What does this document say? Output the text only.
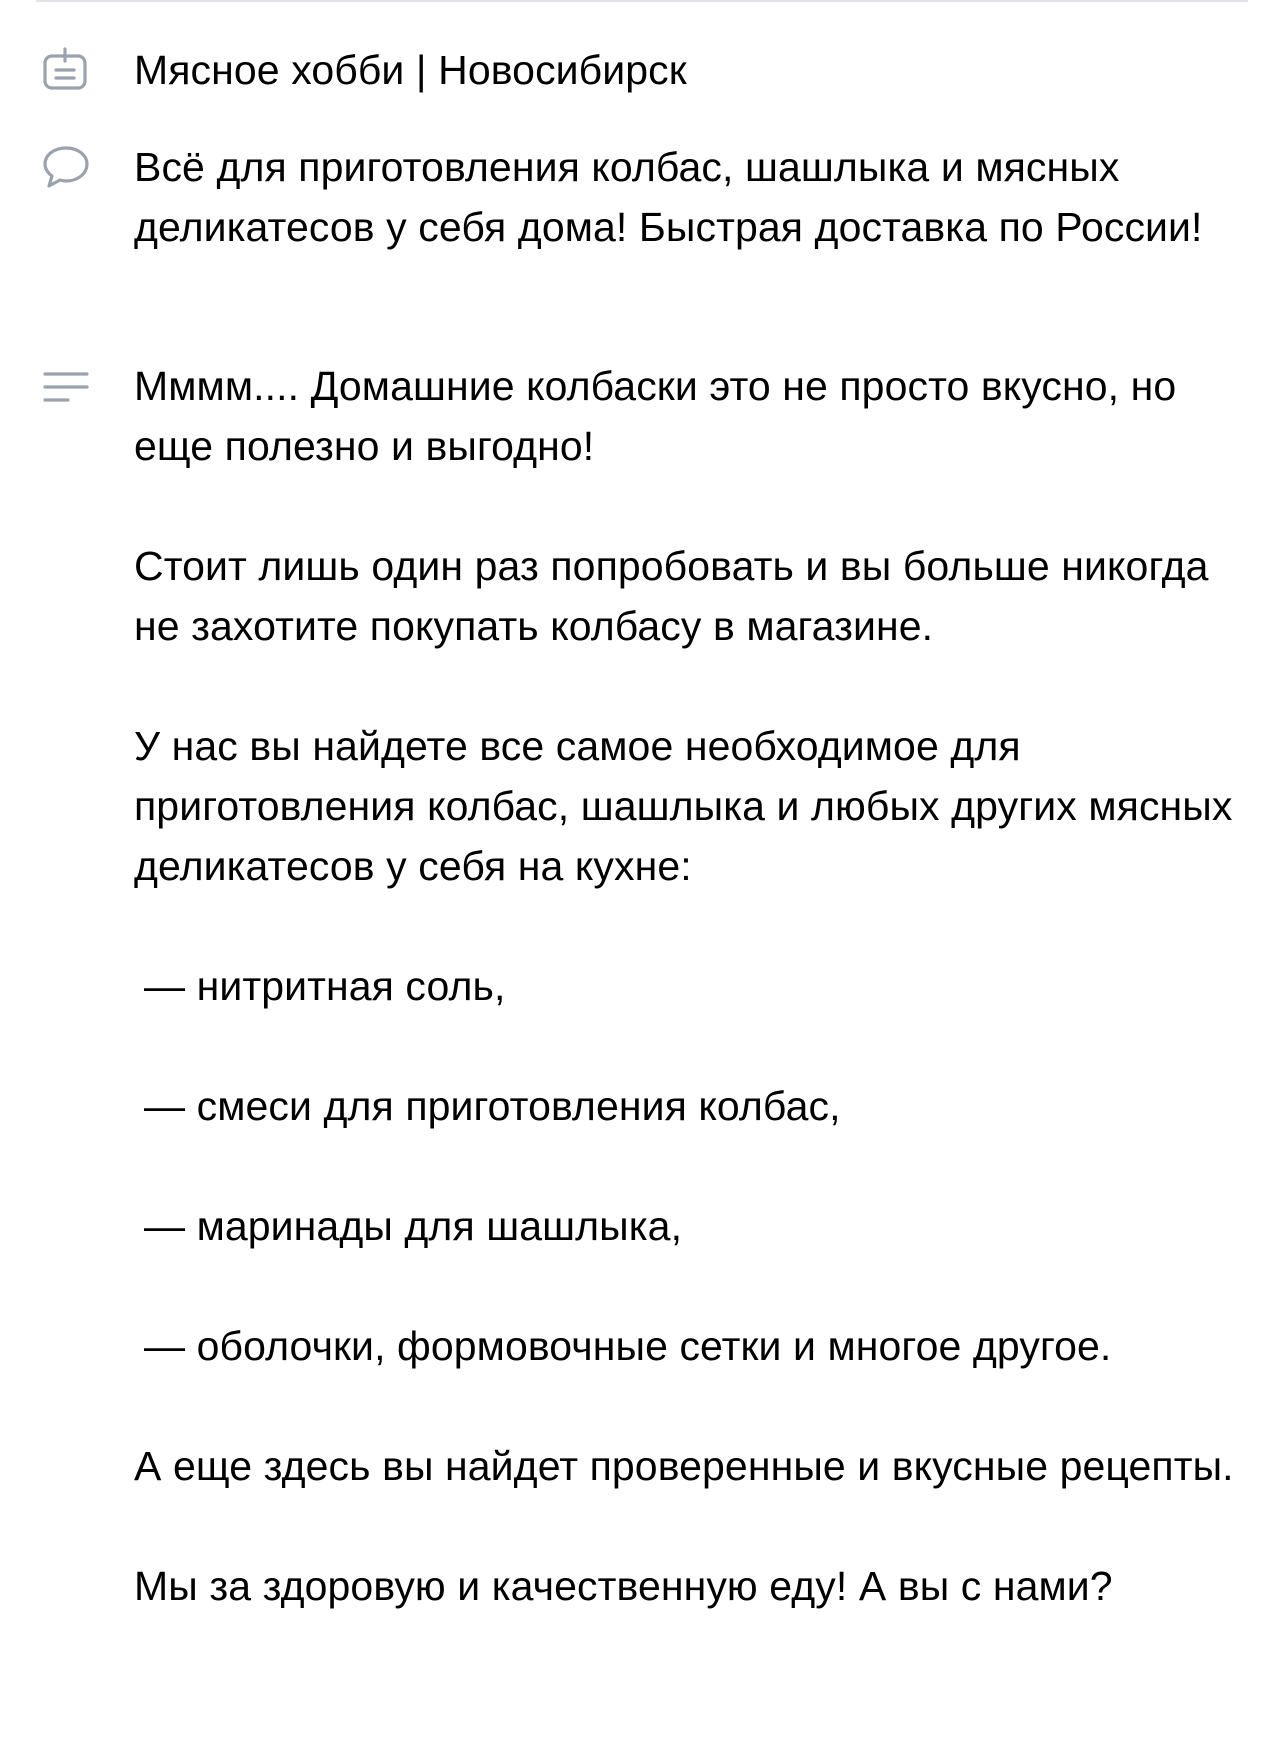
Мясное хобби | Новосибирск
Всё для приготовления колбас, шашлыка и мясных деликатесов у себя дома! Быстрая доставка по России!

Мммм.... Домашние колбаски это не просто вкусно, но еще полезно и выгодно!

Стоит лишь один раз попробовать и вы больше никогда не захотите покупать колбасу в магазине.

У нас вы найдете все самое необходимое для приготовления колбас, шашлыка и любых других мясных деликатесов у себя на кухне:

— нитритная соль,

— смеси для приготовления колбас,

— маринады для шашлыка,

— оболочки, формовочные сетки и многое другое.

А еще здесь вы найдет проверенные и вкусные рецепты.

Мы за здоровую и качественную еду! А вы с нами?
